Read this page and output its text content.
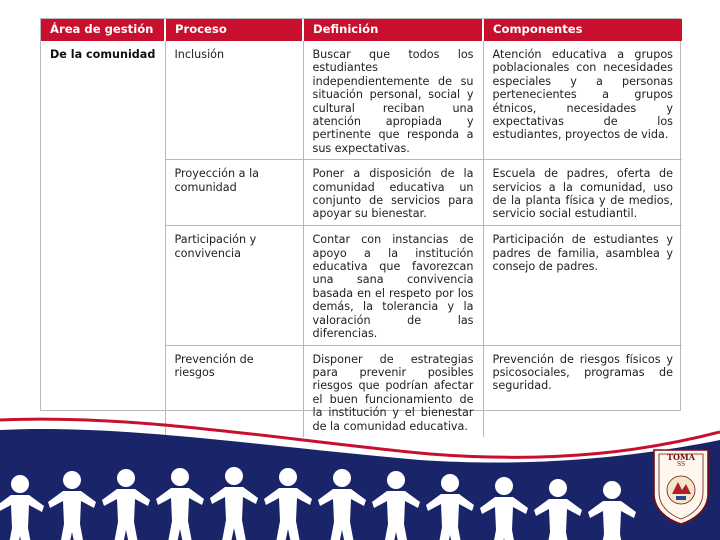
Área de gestión	Proceso	Definición	Componentes
De la comunidad	Inclusión	Buscar que todos los estudiantes independientemente de su situación personal, social y cultural reciban una atención apropiada y pertinente que responda a sus expectativas.	Atención educativa a grupos poblacionales con necesidades especiales y a personas pertenecientes a grupos étnicos, necesidades y expectativas de los estudiantes, proyectos de vida.
	Proyección a la comunidad	Poner a disposición de la comunidad educativa un conjunto de servicios para apoyar su bienestar.	Escuela de padres, oferta de servicios a la comunidad, uso de la planta física y de medios, servicio social estudiantil.
	Participación y convivencia	Contar con instancias de apoyo a la institución educativa que favorezcan una sana convivencia basada en el respeto por los demás, la tolerancia y la valoración de las diferencias.	Participación de estudiantes y padres de familia, asamblea y consejo de padres.
	Prevención de riesgos	Disponer de estrategias para prevenir posibles riesgos que podrían afectar el buen funcionamiento de la institución y el bienestar de la comunidad educativa.	Prevención de riesgos físicos y psicosociales, programas de seguridad.
TOMA
SS
